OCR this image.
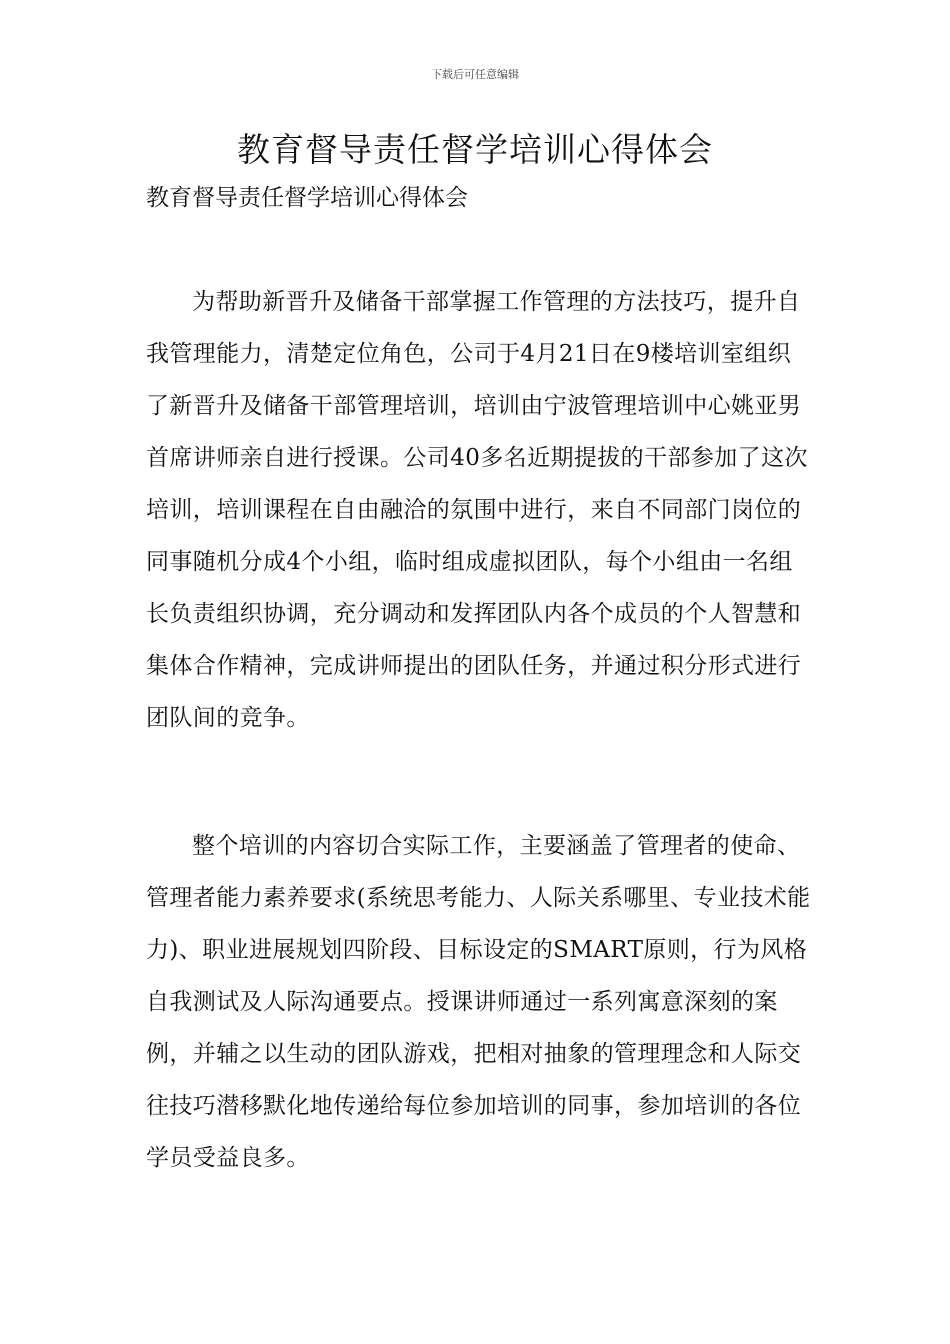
下载后可任意编辑
教育督导责任督学培训心得体会

教育督导责任督学培训心得体会

为帮助新晋升及储备干部掌握工作管理的方法技巧，提升自我管理能力，清楚定位角色，公司于4月21日在9楼培训室组织了新晋升及储备干部管理培训，培训由宁波管理培训中心姚亚男首席讲师亲自进行授课。公司40多名近期提拔的干部参加了这次培训，培训课程在自由融洽的氛围中进行，来自不同部门岗位的同事随机分成4个小组，临时组成虚拟团队，每个小组由一名组长负责组织协调，充分调动和发挥团队内各个成员的个人智慧和集体合作精神，完成讲师提出的团队任务，并通过积分形式进行团队间的竞争。

整个培训的内容切合实际工作，主要涵盖了管理者的使命、管理者能力素养要求(系统思考能力、人际关系哪里、专业技术能力)、职业进展规划四阶段、目标设定的SMART原则，行为风格自我测试及人际沟通要点。授课讲师通过一系列寓意深刻的案例，并辅之以生动的团队游戏，把相对抽象的管理理念和人际交往技巧潜移默化地传递给每位参加培训的同事，参加培训的各位学员受益良多。
